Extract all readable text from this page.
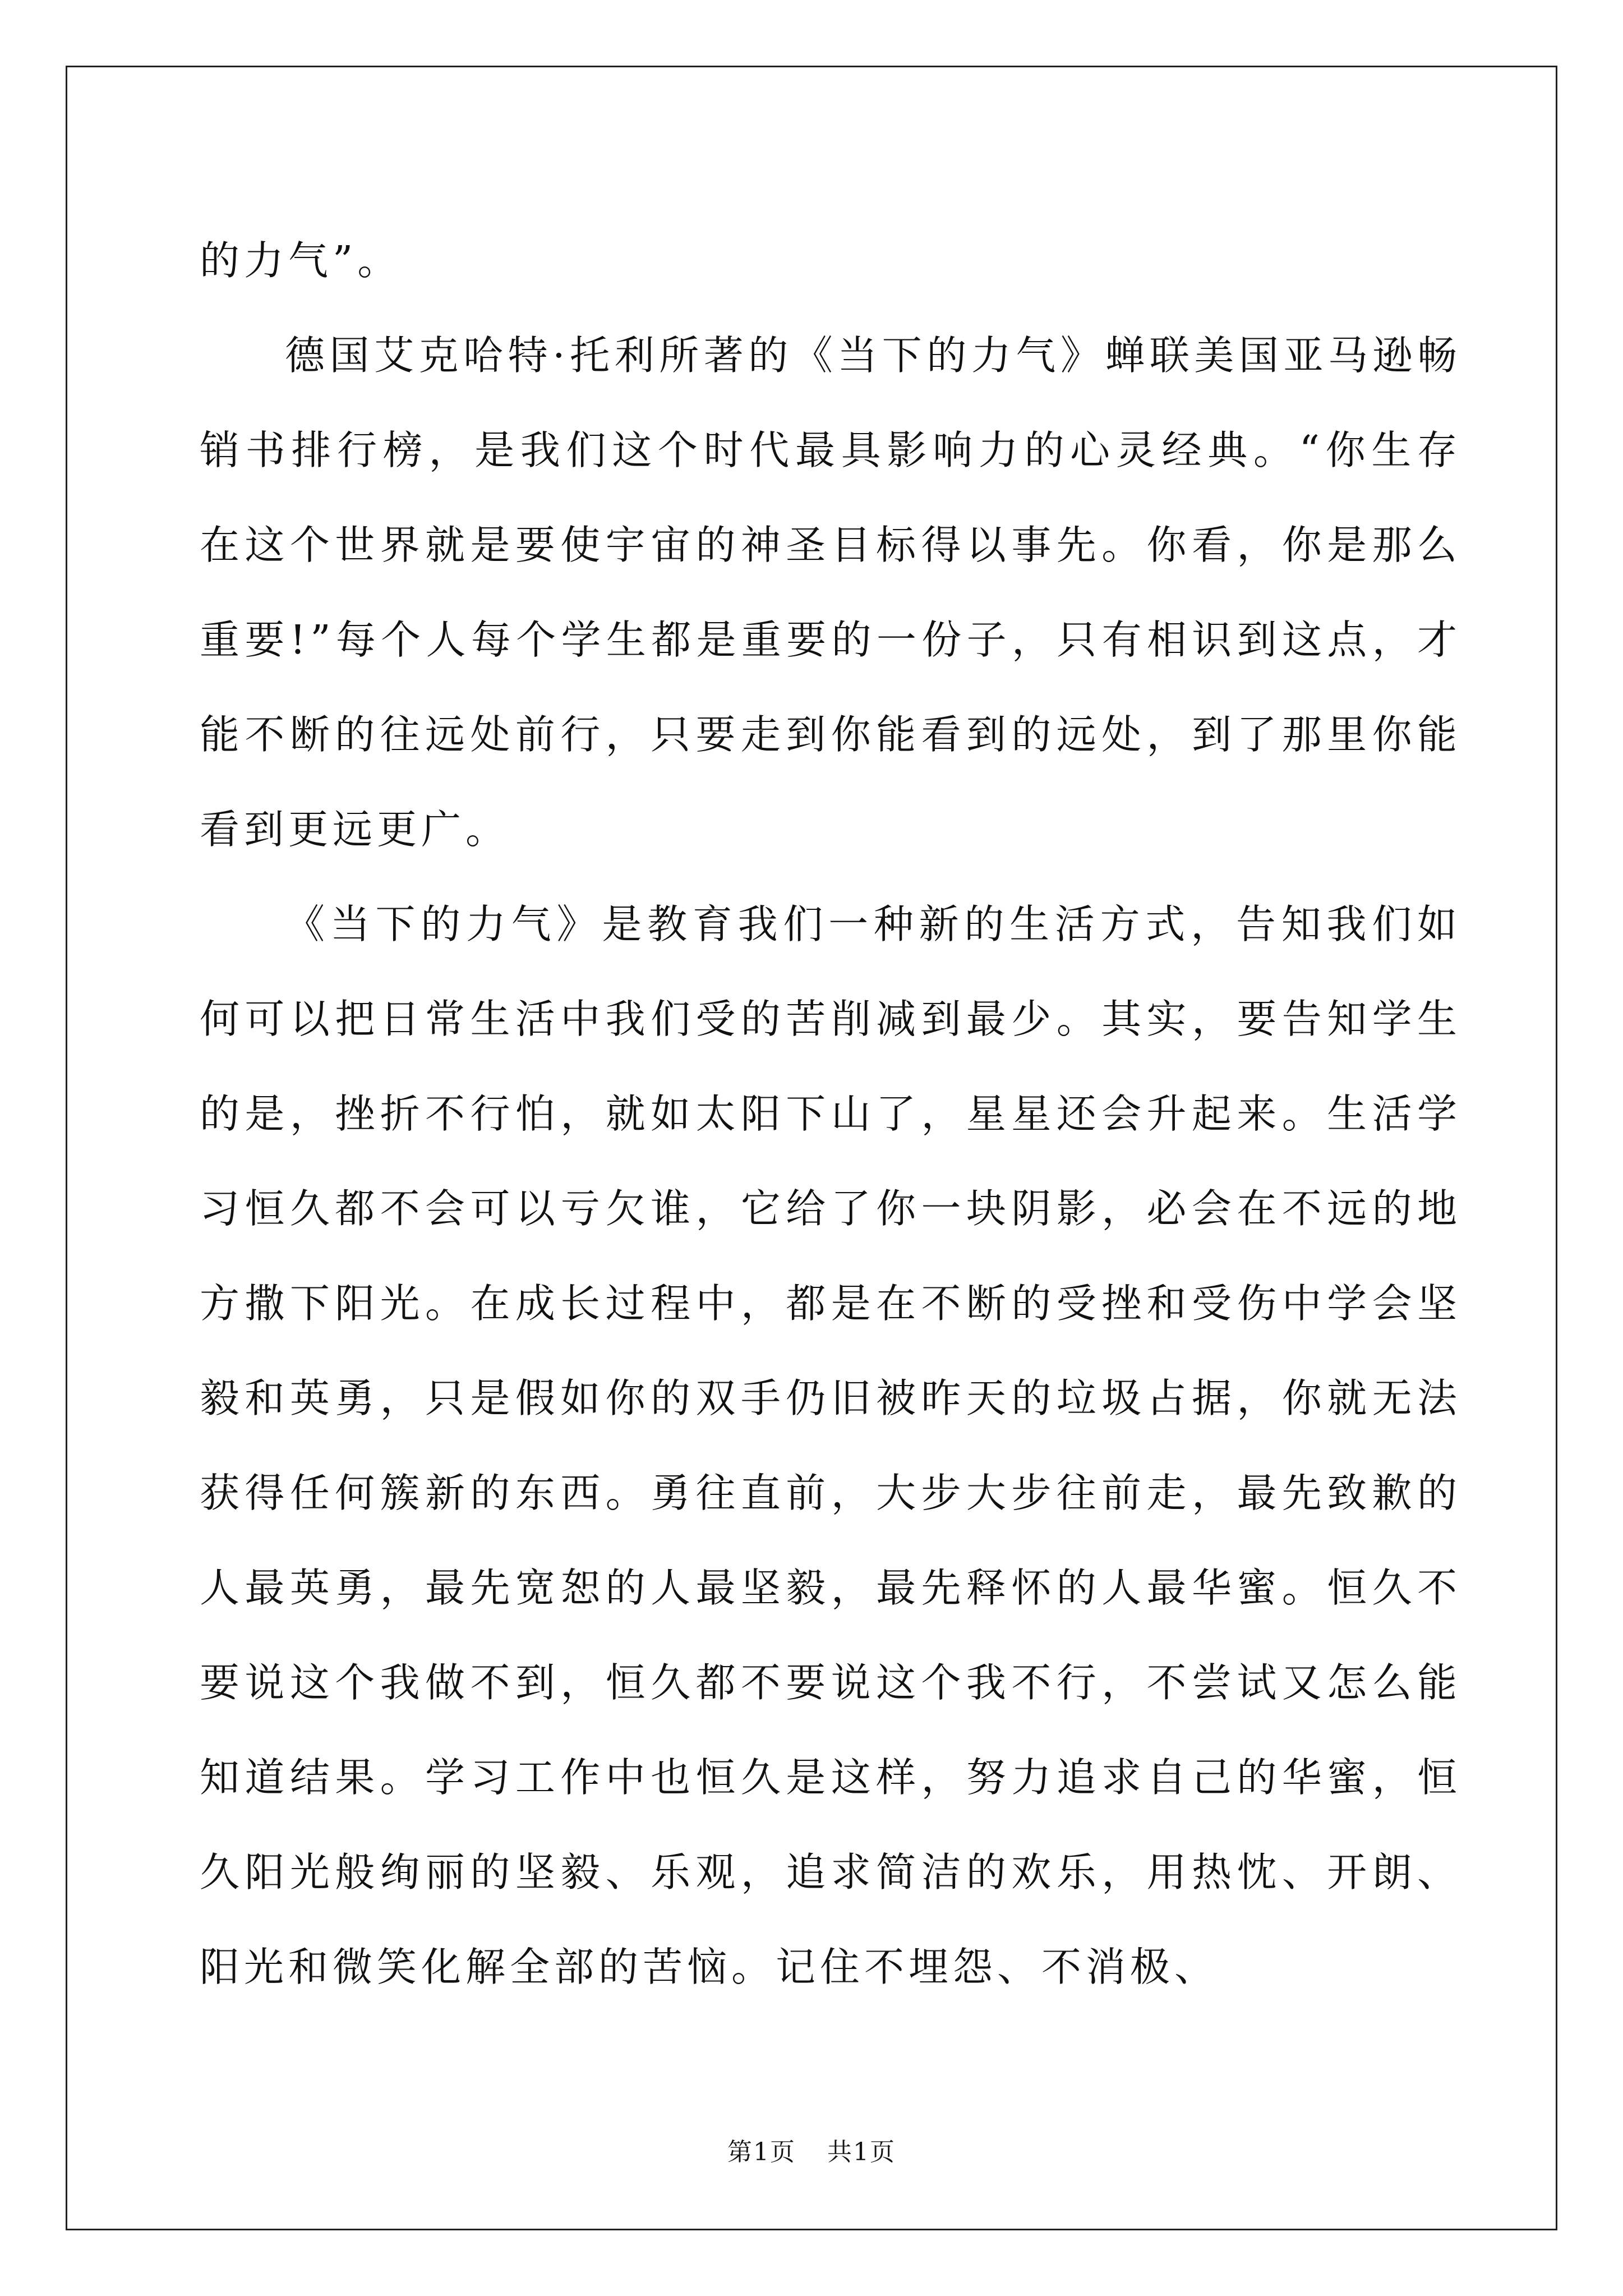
的力气”。

德国艾克哈特·托利所著的《当下的力气》蝉联美国亚马逊畅销书排行榜，是我们这个时代最具影响力的心灵经典。“你生存在这个世界就是要使宇宙的神圣目标得以事先。你看，你是那么重要!”每个人每个学生都是重要的一份子，只有相识到这点，才能不断的往远处前行，只要走到你能看到的远处，到了那里你能看到更远更广。

《当下的力气》是教育我们一种新的生活方式，告知我们如何可以把日常生活中我们受的苦削减到最少。其实，要告知学生的是，挫折不行怕，就如太阳下山了，星星还会升起来。生活学习恒久都不会可以亏欠谁，它给了你一块阴影，必会在不远的地方撒下阳光。在成长过程中，都是在不断的受挫和受伤中学会坚毅和英勇，只是假如你的双手仍旧被昨天的垃圾占据，你就无法获得任何簇新的东西。勇往直前，大步大步往前走，最先致歉的人最英勇，最先宽恕的人最坚毅，最先释怀的人最华蜜。恒久不要说这个我做不到，恒久都不要说这个我不行，不尝试又怎么能知道结果。学习工作中也恒久是这样，努力追求自己的华蜜，恒久阳光般绚丽的坚毅、乐观，追求简洁的欢乐，用热忱、开朗、阳光和微笑化解全部的苦恼。记住不埋怨、不消极、

第1页 共1页
